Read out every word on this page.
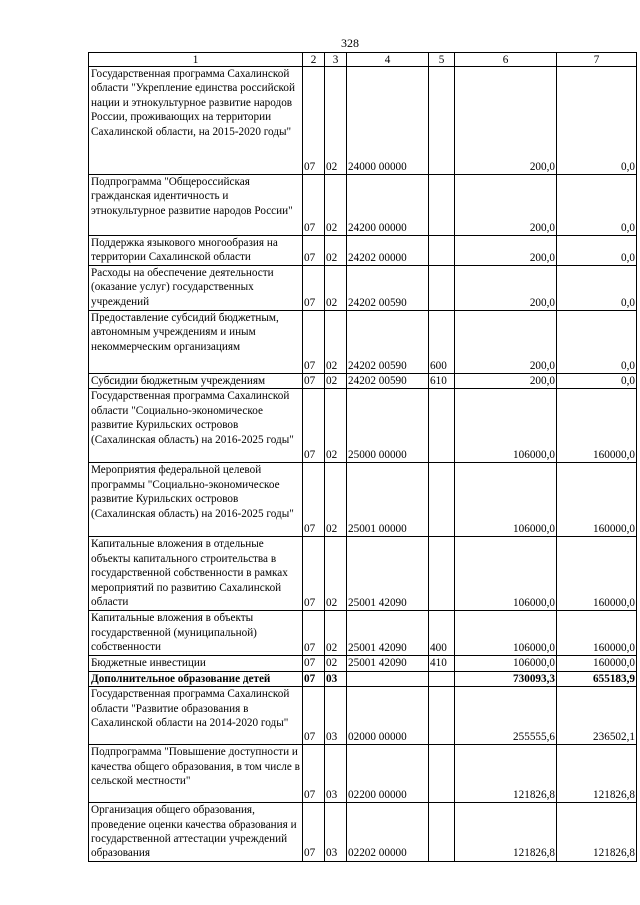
328
1	2	3	4	5	6	7
Государственная программа Сахалинской области "Укрепление единства российской нации и этнокультурное развитие народов России, проживающих на территории Сахалинской области, на 2015-2020 годы"	07	02	24000 00000		200,0	0,0
Подпрограмма "Общероссийская гражданская идентичность и этнокультурное развитие народов России"	07	02	24200 00000		200,0	0,0
Поддержка языкового многообразия на территории Сахалинской области	07	02	24202 00000		200,0	0,0
Расходы на обеспечение деятельности (оказание услуг) государственных учреждений	07	02	24202 00590		200,0	0,0
Предоставление субсидий бюджетным, автономным учреждениям и иным некоммерческим организациям	07	02	24202 00590	600	200,0	0,0
Субсидии бюджетным учреждениям	07	02	24202 00590	610	200,0	0,0
Государственная программа Сахалинской области "Социально-экономическое развитие Курильских островов (Сахалинская область) на 2016-2025 годы"	07	02	25000 00000		106000,0	160000,0
Мероприятия федеральной целевой программы "Социально-экономическое развитие Курильских островов (Сахалинская область) на 2016-2025 годы"	07	02	25001 00000		106000,0	160000,0
Капитальные вложения в отдельные объекты капитального строительства в государственной собственности в рамках мероприятий по развитию Сахалинской области	07	02	25001 42090		106000,0	160000,0
Капитальные вложения в объекты государственной (муниципальной) собственности	07	02	25001 42090	400	106000,0	160000,0
Бюджетные инвестиции	07	02	25001 42090	410	106000,0	160000,0
Дополнительное образование детей	07	03			730093,3	655183,9
Государственная программа Сахалинской области "Развитие образования в Сахалинской области на 2014-2020 годы"	07	03	02000 00000		255555,6	236502,1
Подпрограмма "Повышение доступности и качества общего образования, в том числе в сельской местности"	07	03	02200 00000		121826,8	121826,8
Организация общего образования, проведение оценки качества образования и государственной аттестации учреждений образования	07	03	02202 00000		121826,8	121826,8
